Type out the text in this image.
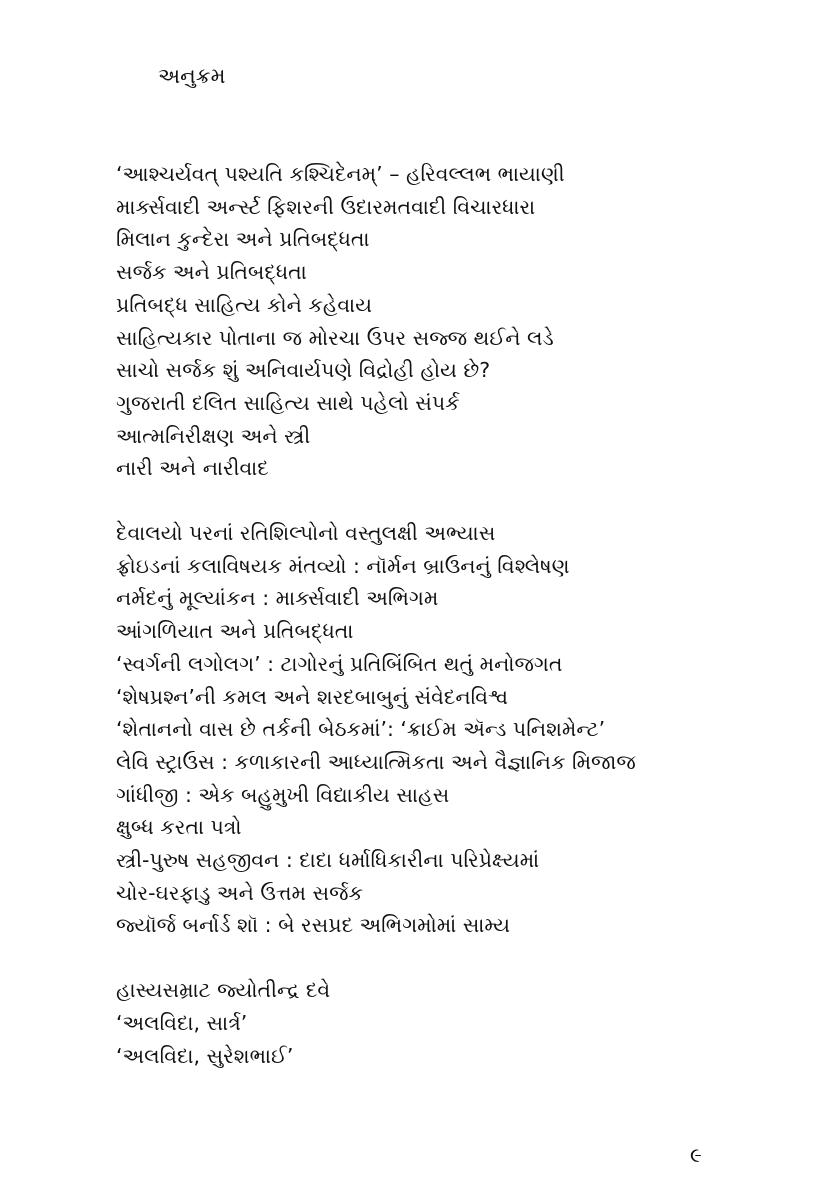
અનુક્રમ
‘આશ્ચર્યવત્ પશ્યતિ કશ્ચિદેનમ્’ – હરિવલ્લભ ભાયાણી
માર્ક્સવાદી અર્ન્સ્ટ ફિશરની ઉદારમતવાદી વિચારધારા
મિલાન કુન્દેરા અને પ્રતિબદ્ધતા
સર્જક અને પ્રતિબદ્ધતા
પ્રતિબદ્ધ સાહિત્ય કોને કહેવાય
સાહિત્યકાર પોતાના જ મોરચા ઉપર સજ્જ થઈને લડે
સાચો સર્જક શું અનિવાર્યપણે વિદ્રોહી હોય છે?
ગુજરાતી દલિત સાહિત્ય સાથે પહેલો સંપર્ક
આત્મનિરીક્ષણ અને સ્ત્રી
નારી અને નારીવાદ
દેવાલયો પરનાં રતિશિલ્પોનો વસ્તુલક્ષી અભ્યાસ
ફ્રોઇડનાં કલાવિષયક મંતવ્યો : નૉર્મન બ્રાઉનનું વિશ્લેષણ
નર્મદનું મૂલ્યાંકન : માર્ક્સવાદી અભિગમ
આંગળિયાત અને પ્રતિબદ્ધતા
‘સ્વર્ગની લગોલગ’ : ટાગોરનું પ્રતિબિંબિત થતું મનોજગત
‘શેષપ્રશ્ન’ની કમલ અને શરદબાબુનું સંવેદનવિશ્વ
‘શેતાનનો વાસ છે તર્કની બેઠકમાં’: ‘ક્રાઈમ ઍન્ડ પનિશમેન્ટ’
લેવિ સ્ટ્રાઉસ : કળાકારની આધ્યાત્મિકતા અને વૈજ્ઞાનિક મિજાજ
ગાંધીજી : એક બહુમુખી વિદ્યાકીય સાહસ
ક્ષુબ્ધ કરતા પત્રો
સ્ત્રી-પુરુષ સહજીવન : દાદા ધર્માધિકારીના પરિપ્રેક્ષ્યમાં
ચોર-ઘરફાડુ અને ઉત્તમ સર્જક
જ્યૉર્જ બર્નાર્ડ શૉ : બે રસપ્રદ અભિગમોમાં સામ્ય
હાસ્યસમ્રાટ જ્યોતીન્દ્ર દવે
‘અલવિદા, સાર્ત્ર’
‘અલવિદા, સુરેશભાઈ’
૯
